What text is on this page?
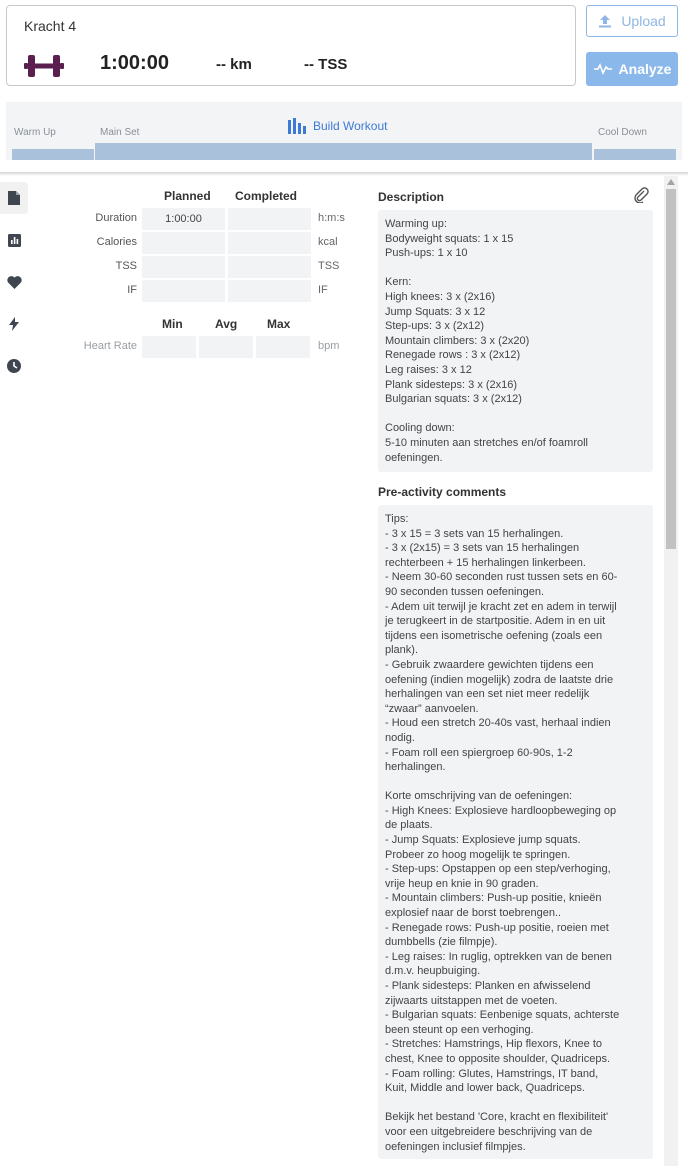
Kracht 4
1:00:00	-- km	-- TSS
Upload
Analyze
Warm Up	Main Set	Cool Down
Build Workout
Planned Completed
Duration	1:00:00	h:m:s
Calories	kcal
TSS	TSS
IF	IF
Min	Avg Max
Heart Rate	bpm
Description
Warming up:
Bodyweight squats: 1 x 15
Push-ups: 1 x 10

Kern:
High knees: 3 x (2x16)
Jump Squats: 3 x 12
Step-ups: 3 x (2x12)
Mountain climbers: 3 x (2x20)
Renegade rows : 3 x (2x12)
Leg raises: 3 x 12
Plank sidesteps: 3 x (2x16)
Bulgarian squats: 3 x (2x12)

Cooling down:
5-10 minuten aan stretches en/of foamroll
oefeningen.
Pre-activity comments
Tips:
- 3 x 15 = 3 sets van 15 herhalingen.
- 3 x (2x15) = 3 sets van 15 herhalingen
rechterbeen + 15 herhalingen linkerbeen.
- Neem 30-60 seconden rust tussen sets en 60-
90 seconden tussen oefeningen.
- Adem uit terwijl je kracht zet en adem in terwijl
je terugkeert in de startpositie. Adem in en uit
tijdens een isometrische oefening (zoals een
plank).
- Gebruik zwaardere gewichten tijdens een
oefening (indien mogelijk) zodra de laatste drie
herhalingen van een set niet meer redelijk
“zwaar” aanvoelen.
- Houd een stretch 20-40s vast, herhaal indien
nodig.
- Foam roll een spiergroep 60-90s, 1-2
herhalingen.

Korte omschrijving van de oefeningen:
- High Knees: Explosieve hardloopbeweging op
de plaats.
- Jump Squats: Explosieve jump squats.
Probeer zo hoog mogelijk te springen.
- Step-ups: Opstappen op een step/verhoging,
vrije heup en knie in 90 graden.
- Mountain climbers: Push-up positie, knieën
explosief naar de borst toebrengen..
- Renegade rows: Push-up positie, roeien met
dumbbells (zie filmpje).
- Leg raises: In ruglig, optrekken van de benen
d.m.v. heupbuiging.
- Plank sidesteps: Planken en afwisselend
zijwaarts uitstappen met de voeten.
- Bulgarian squats: Eenbenige squats, achterste
been steunt op een verhoging.
- Stretches: Hamstrings, Hip flexors, Knee to
chest, Knee to opposite shoulder, Quadriceps.
- Foam rolling: Glutes, Hamstrings, IT band,
Kuit, Middle and lower back, Quadriceps.

Bekijk het bestand 'Core, kracht en flexibiliteit'
voor een uitgebreidere beschrijving van de
oefeningen inclusief filmpjes.
